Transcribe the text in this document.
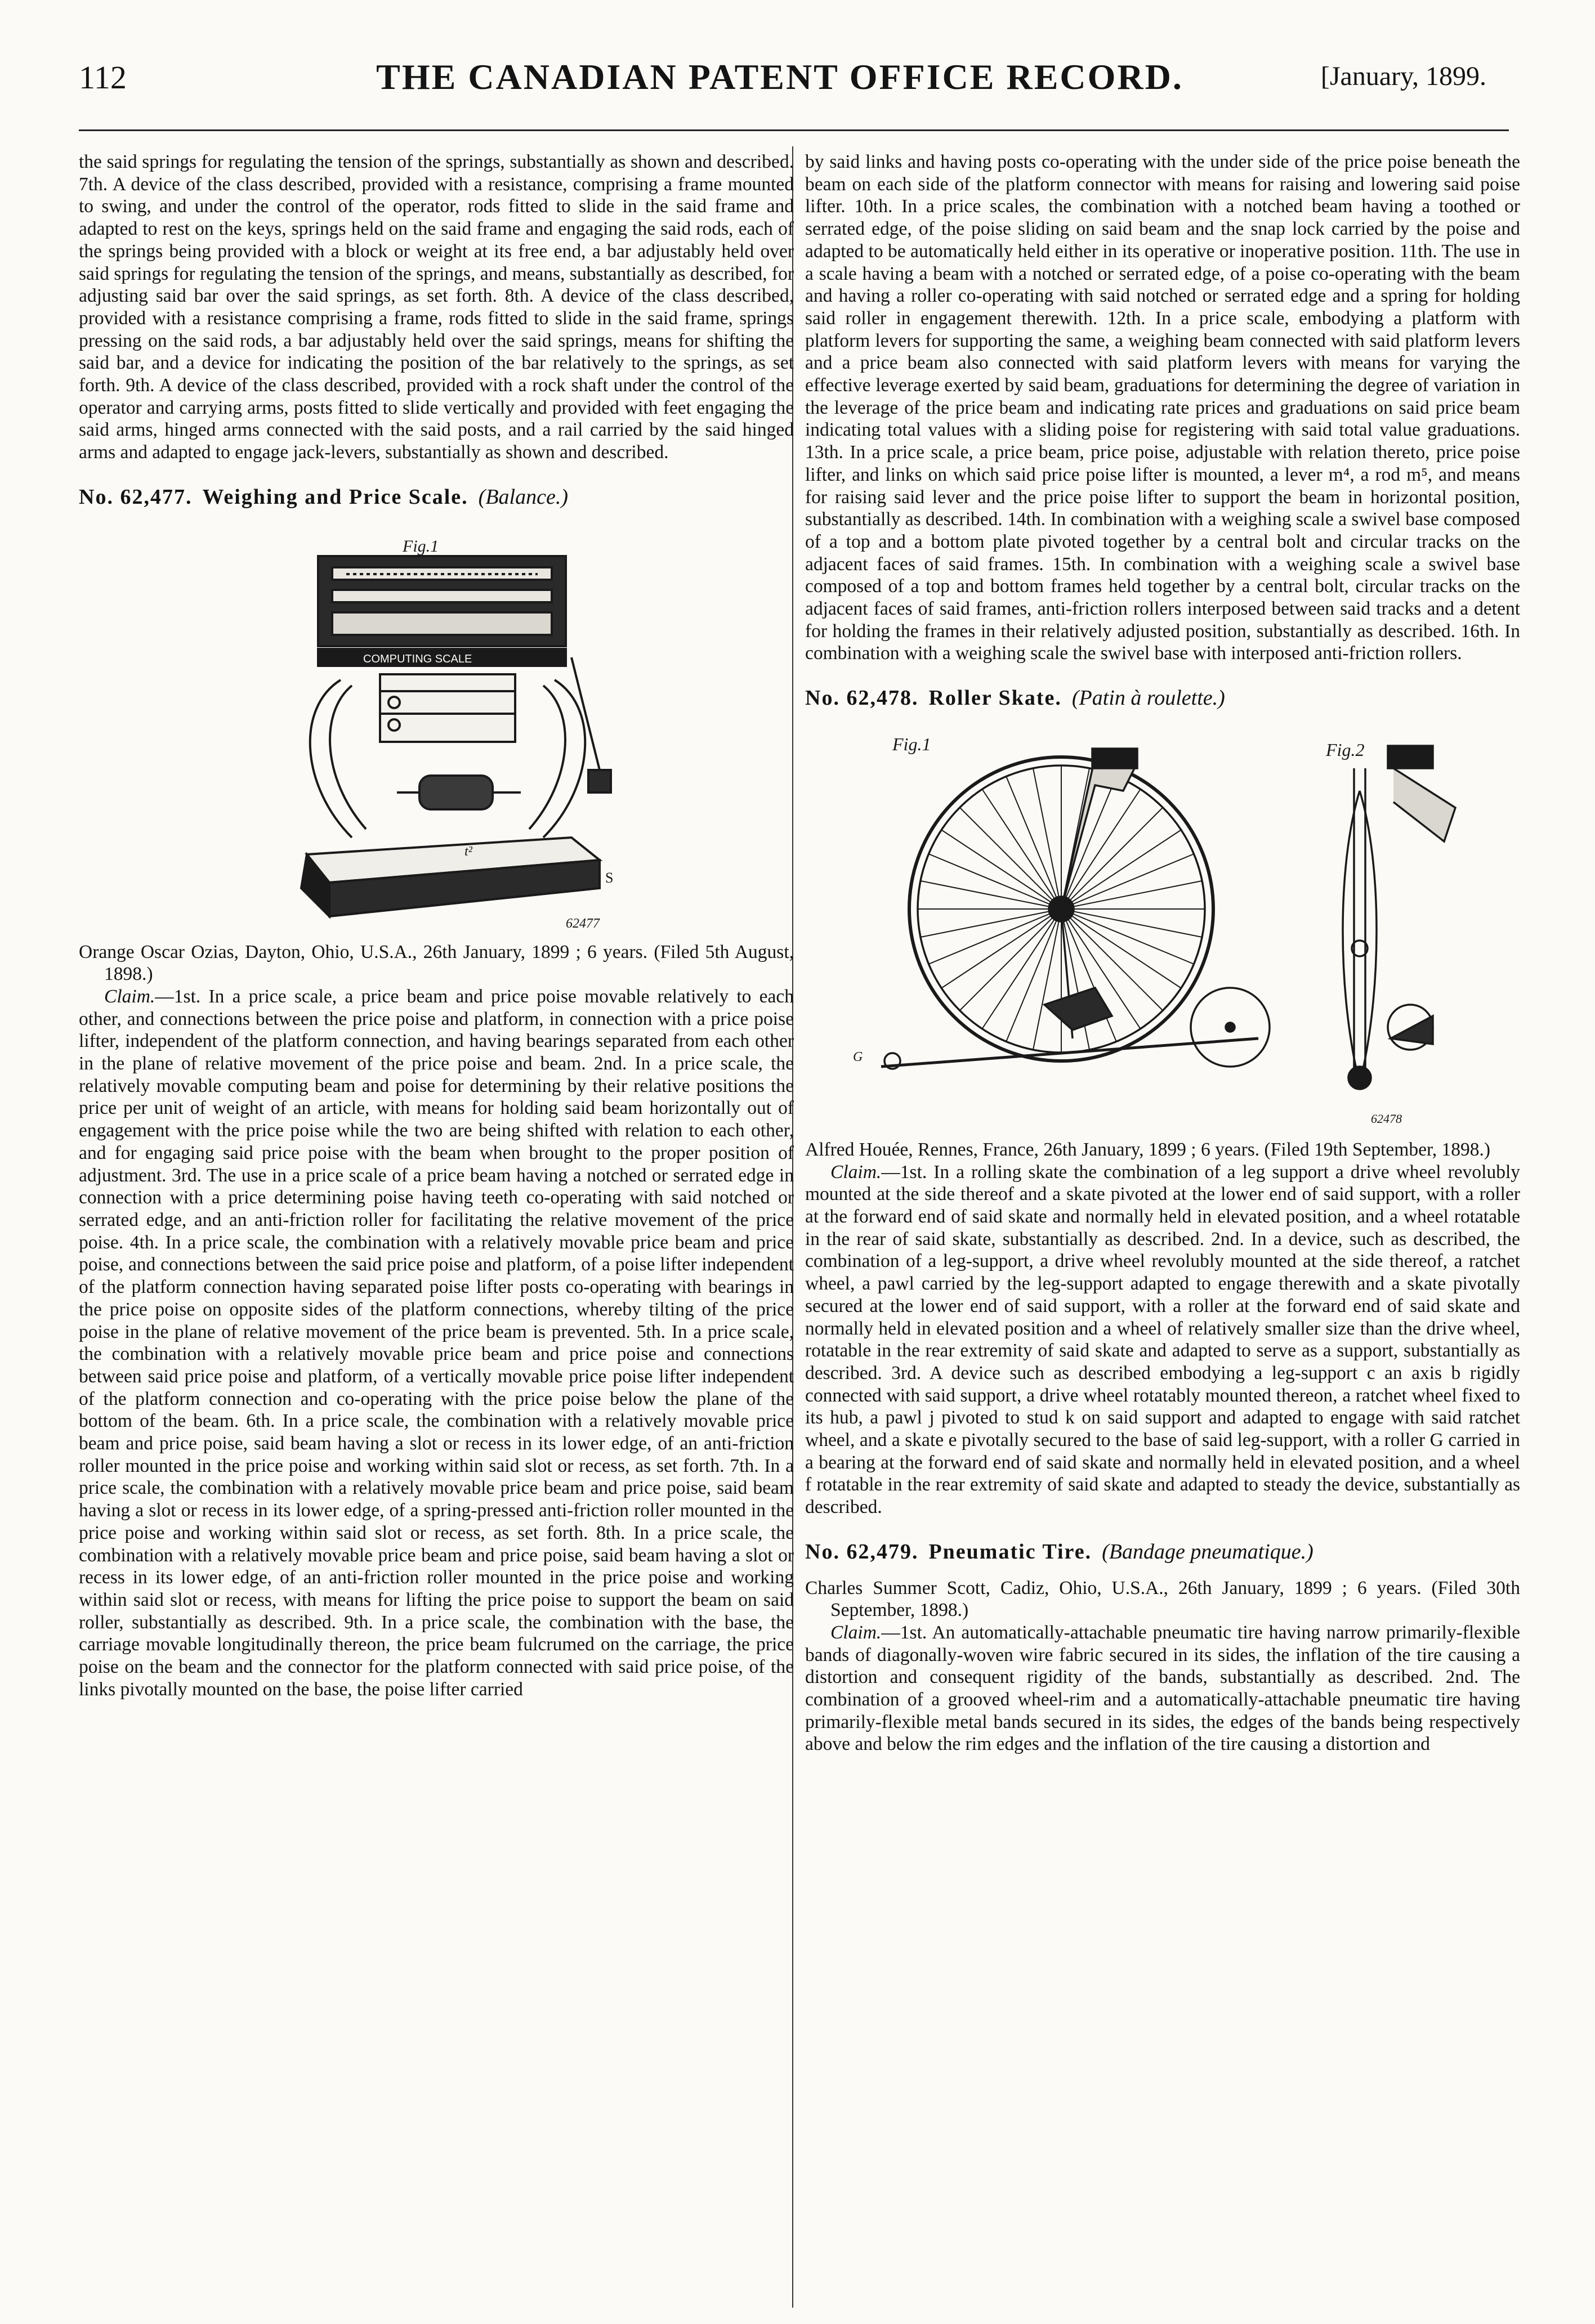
112	THE CANADIAN PATENT OFFICE RECORD.	[January, 1899.

the said springs for regulating the tension of the springs, substantially as shown and described. 7th. A device of the class described, provided with a resistance, comprising a frame mounted to swing, and under the control of the operator, rods fitted to slide in the said frame and adapted to rest on the keys, springs held on the said frame and engaging the said rods, each of the springs being provided with a block or weight at its free end, a bar adjustably held over said springs for regulating the tension of the springs, and means, substantially as described, for adjusting said bar over the said springs, as set forth. 8th. A device of the class described, provided with a resistance comprising a frame, rods fitted to slide in the said frame, springs pressing on the said rods, a bar adjustably held over the said springs, means for shifting the said bar, and a device for indicating the position of the bar relatively to the springs, as set forth. 9th. A device of the class described, provided with a rock shaft under the control of the operator and carrying arms, posts fitted to slide vertically and provided with feet engaging the said arms, hinged arms connected with the said posts, and a rail carried by the said hinged arms and adapted to engage jack-levers, substantially as shown and described.

No. 62,477. Weighing and Price Scale. (Balance.)
Fig.1
COMPUTING SCALE
t²
S
62477

Orange Oscar Ozias, Dayton, Ohio, U.S.A., 26th January, 1899 ; 6 years. (Filed 5th August, 1898.)

Claim.—1st. In a price scale, a price beam and price poise movable relatively to each other, and connections between the price poise and platform, in connection with a price poise lifter, independent of the platform connection, and having bearings separated from each other in the plane of relative movement of the price poise and beam. 2nd. In a price scale, the relatively movable computing beam and poise for determining by their relative positions the price per unit of weight of an article, with means for holding said beam horizontally out of engagement with the price poise while the two are being shifted with relation to each other, and for engaging said price poise with the beam when brought to the proper position of adjustment. 3rd. The use in a price scale of a price beam having a notched or serrated edge in connection with a price determining poise having teeth co-operating with said notched or serrated edge, and an anti-friction roller for facilitating the relative movement of the price poise. 4th. In a price scale, the combination with a relatively movable price beam and price poise, and connections between the said price poise and platform, of a poise lifter independent of the platform connection having separated poise lifter posts co-operating with bearings in the price poise on opposite sides of the platform connections, whereby tilting of the price poise in the plane of relative movement of the price beam is prevented. 5th. In a price scale, the combination with a relatively movable price beam and price poise and connections between said price poise and platform, of a vertically movable price poise lifter independent of the platform connection and co-operating with the price poise below the plane of the bottom of the beam. 6th. In a price scale, the combination with a relatively movable price beam and price poise, said beam having a slot or recess in its lower edge, of an anti-friction roller mounted in the price poise and working within said slot or recess, as set forth. 7th. In a price scale, the combination with a relatively movable price beam and price poise, said beam having a slot or recess in its lower edge, of a spring-pressed anti-friction roller mounted in the price poise and working within said slot or recess, as set forth. 8th. In a price scale, the combination with a relatively movable price beam and price poise, said beam having a slot or recess in its lower edge, of an anti-friction roller mounted in the price poise and working within said slot or recess, with means for lifting the price poise to support the beam on said roller, substantially as described. 9th. In a price scale, the combination with the base, the carriage movable longitudinally thereon, the price beam fulcrumed on the carriage, the price poise on the beam and the connector for the platform connected with said price poise, of the links pivotally mounted on the base, the poise lifter carried

by said links and having posts co-operating with the under side of the price poise beneath the beam on each side of the platform connector with means for raising and lowering said poise lifter. 10th. In a price scales, the combination with a notched beam having a toothed or serrated edge, of the poise sliding on said beam and the snap lock carried by the poise and adapted to be automatically held either in its operative or inoperative position. 11th. The use in a scale having a beam with a notched or serrated edge, of a poise co-operating with the beam and having a roller co-operating with said notched or serrated edge and a spring for holding said roller in engagement therewith. 12th. In a price scale, embodying a platform with platform levers for supporting the same, a weighing beam connected with said platform levers and a price beam also connected with said platform levers with means for varying the effective leverage exerted by said beam, graduations for determining the degree of variation in the leverage of the price beam and indicating rate prices and graduations on said price beam indicating total values with a sliding poise for registering with said total value graduations. 13th. In a price scale, a price beam, price poise, adjustable with relation thereto, price poise lifter, and links on which said price poise lifter is mounted, a lever m⁴, a rod m⁵, and means for raising said lever and the price poise lifter to support the beam in horizontal position, substantially as described. 14th. In combination with a weighing scale a swivel base composed of a top and a bottom plate pivoted together by a central bolt and circular tracks on the adjacent faces of said frames. 15th. In combination with a weighing scale a swivel base composed of a top and bottom frames held together by a central bolt, circular tracks on the adjacent faces of said frames, anti-friction rollers interposed between said tracks and a detent for holding the frames in their relatively adjusted position, substantially as described. 16th. In combination with a weighing scale the swivel base with interposed anti-friction rollers.

No. 62,478. Roller Skate. (Patin à roulette.)
Fig.1	Fig.2
G
62478

Alfred Houée, Rennes, France, 26th January, 1899 ; 6 years. (Filed 19th September, 1898.)

Claim.—1st. In a rolling skate the combination of a leg support a drive wheel revolubly mounted at the side thereof and a skate pivoted at the lower end of said support, with a roller at the forward end of said skate and normally held in elevated position, and a wheel rotatable in the rear of said skate, substantially as described. 2nd. In a device, such as described, the combination of a leg-support, a drive wheel revolubly mounted at the side thereof, a ratchet wheel, a pawl carried by the leg-support adapted to engage therewith and a skate pivotally secured at the lower end of said support, with a roller at the forward end of said skate and normally held in elevated position and a wheel of relatively smaller size than the drive wheel, rotatable in the rear extremity of said skate and adapted to serve as a support, substantially as described. 3rd. A device such as described embodying a leg-support c an axis b rigidly connected with said support, a drive wheel rotatably mounted thereon, a ratchet wheel fixed to its hub, a pawl j pivoted to stud k on said support and adapted to engage with said ratchet wheel, and a skate e pivotally secured to the base of said leg-support, with a roller G carried in a bearing at the forward end of said skate and normally held in elevated position, and a wheel f rotatable in the rear extremity of said skate and adapted to steady the device, substantially as described.

No. 62,479. Pneumatic Tire. (Bandage pneumatique.)

Charles Summer Scott, Cadiz, Ohio, U.S.A., 26th January, 1899 ; 6 years. (Filed 30th September, 1898.)

Claim.—1st. An automatically-attachable pneumatic tire having narrow primarily-flexible bands of diagonally-woven wire fabric secured in its sides, the inflation of the tire causing a distortion and consequent rigidity of the bands, substantially as described. 2nd. The combination of a grooved wheel-rim and a automatically-attachable pneumatic tire having primarily-flexible metal bands secured in its sides, the edges of the bands being respectively above and below the rim edges and the inflation of the tire causing a distortion and
